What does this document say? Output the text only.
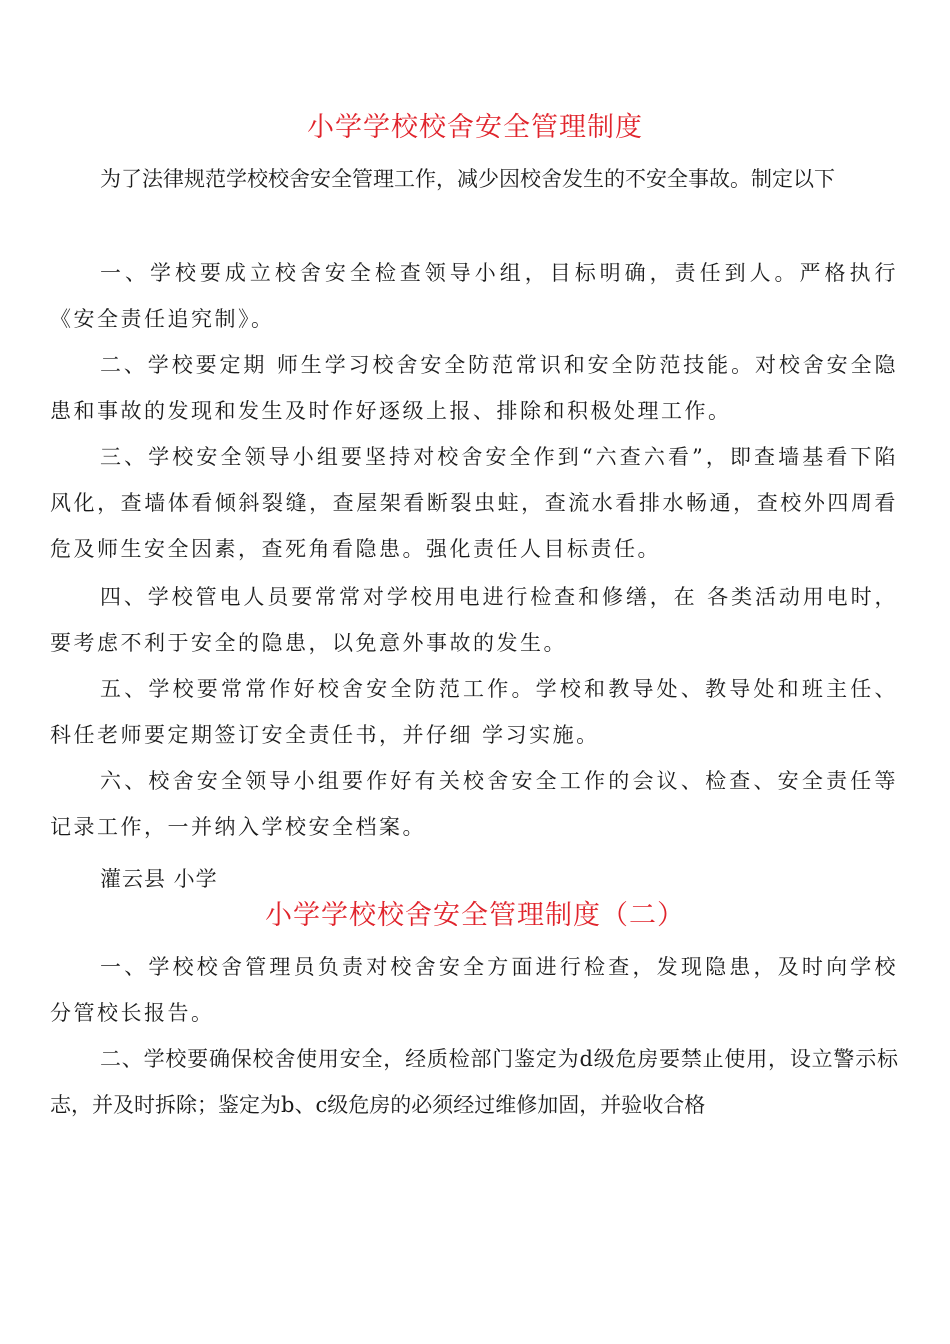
小学学校校舍安全管理制度

为了法律规范学校校舍安全管理工作，减少因校舍发生的不安全事故。制定以下

一、学校要成立校舍安全检查领导小组，目标明确，责任到人。严格执行《安全责任追究制》。

二、学校要定期 师生学习校舍安全防范常识和安全防范技能。对校舍安全隐患和事故的发现和发生及时作好逐级上报、排除和积极处理工作。

三、学校安全领导小组要坚持对校舍安全作到“六查六看”，即查墙基看下陷风化，查墙体看倾斜裂缝，查屋架看断裂虫蛀，查流水看排水畅通，查校外四周看危及师生安全因素，查死角看隐患。强化责任人目标责任。

四、学校管电人员要常常对学校用电进行检查和修缮，在 各类活动用电时，要考虑不利于安全的隐患，以免意外事故的发生。

五、学校要常常作好校舍安全防范工作。学校和教导处、教导处和班主任、科任老师要定期签订安全责任书，并仔细 学习实施。

六、校舍安全领导小组要作好有关校舍安全工作的会议、检查、安全责任等记录工作，一并纳入学校安全档案。

灌云县 小学

小学学校校舍安全管理制度（二）

一、学校校舍管理员负责对校舍安全方面进行检查，发现隐患，及时向学校分管校长报告。

二、学校要确保校舍使用安全，经质检部门鉴定为d级危房要禁止使用，设立警示标志，并及时拆除；鉴定为b、c级危房的必须经过维修加固，并验收合格
